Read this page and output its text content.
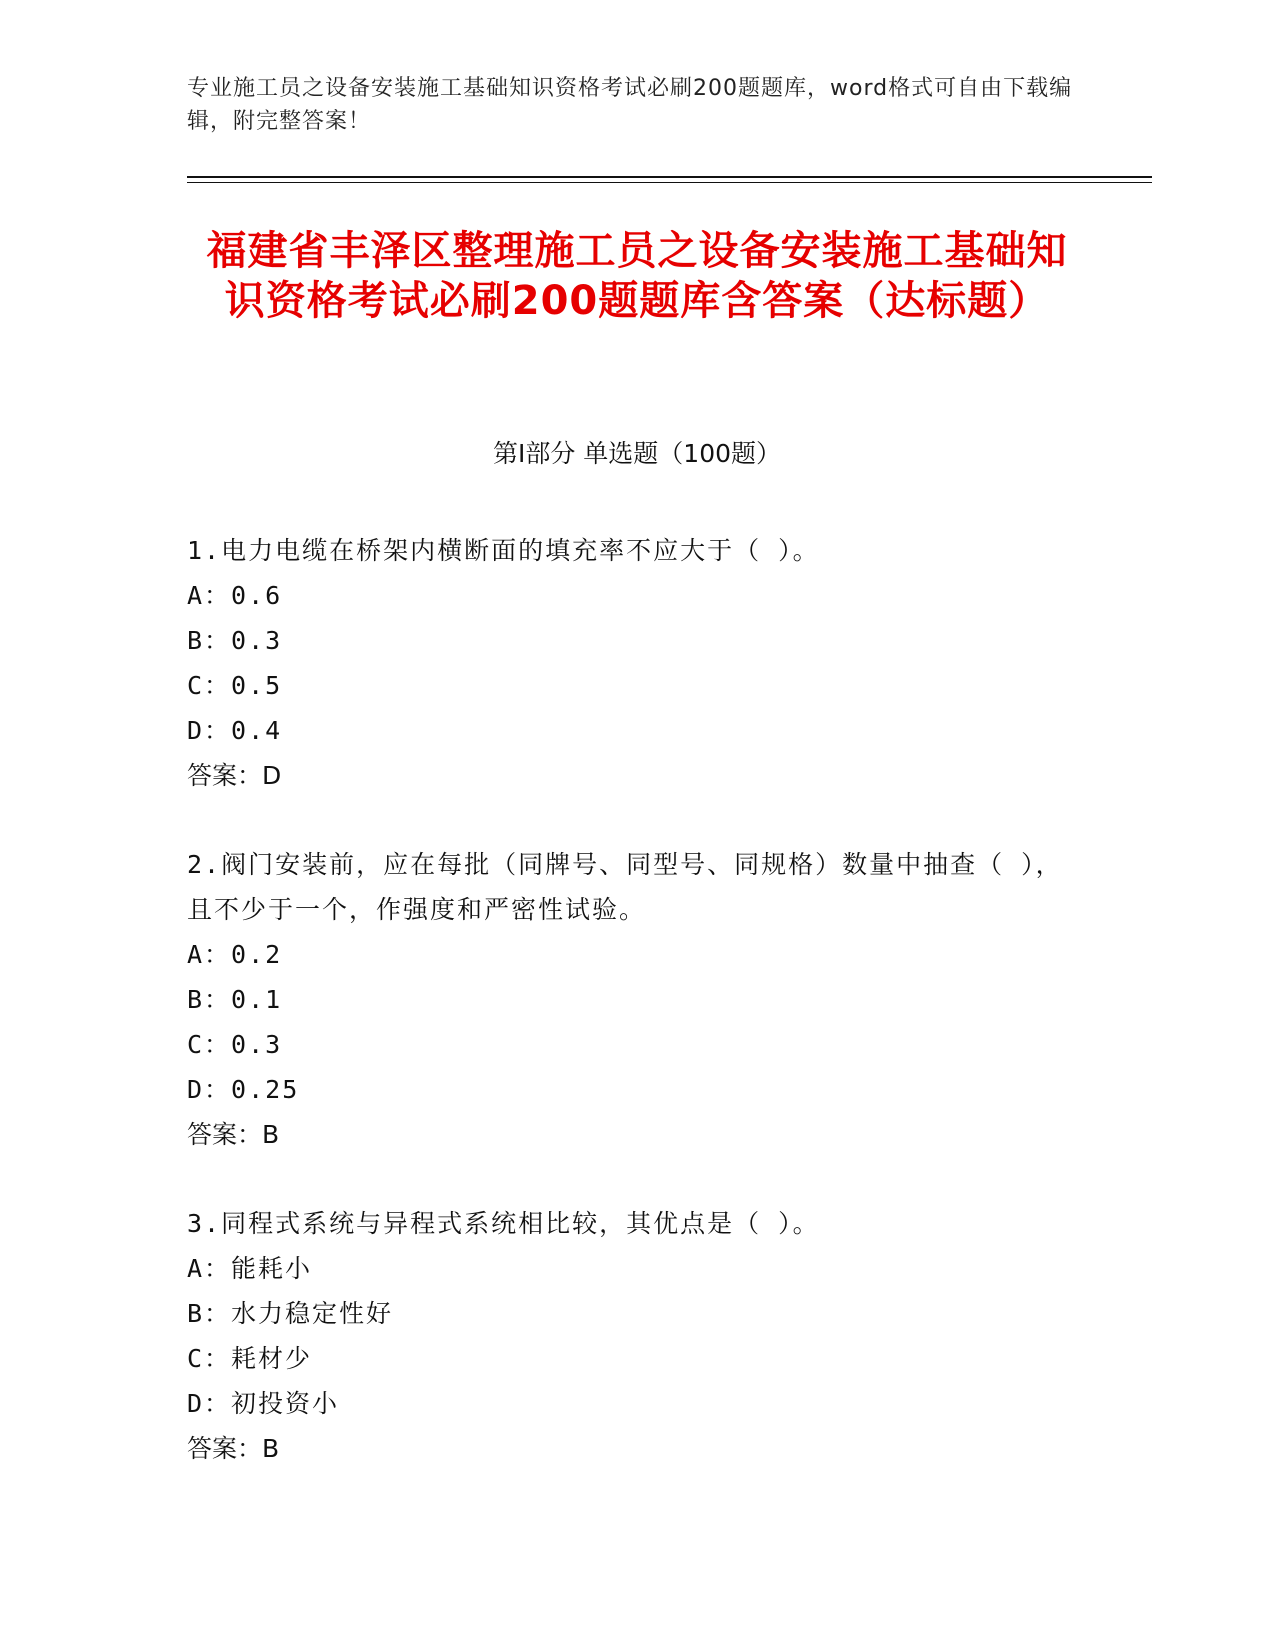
专业施工员之设备安装施工基础知识资格考试必刷200题题库，word格式可自由下载编辑，附完整答案！
福建省丰泽区整理施工员之设备安装施工基础知识资格考试必刷200题题库含答案（达标题）
第Ⅰ部分 单选题（100题）

1.电力电缆在桥架内横断面的填充率不应大于（ ）。

A：0.6
B：0.3
C：0.5
D：0.4
答案：D

2.阀门安装前，应在每批（同牌号、同型号、同规格）数量中抽查（ ），且不少于一个，作强度和严密性试验。

A：0.2
B：0.1
C：0.3
D：0.25
答案：B

3.同程式系统与异程式系统相比较，其优点是（ ）。

A：能耗小
B：水力稳定性好
C：耗材少
D：初投资小
答案：B
